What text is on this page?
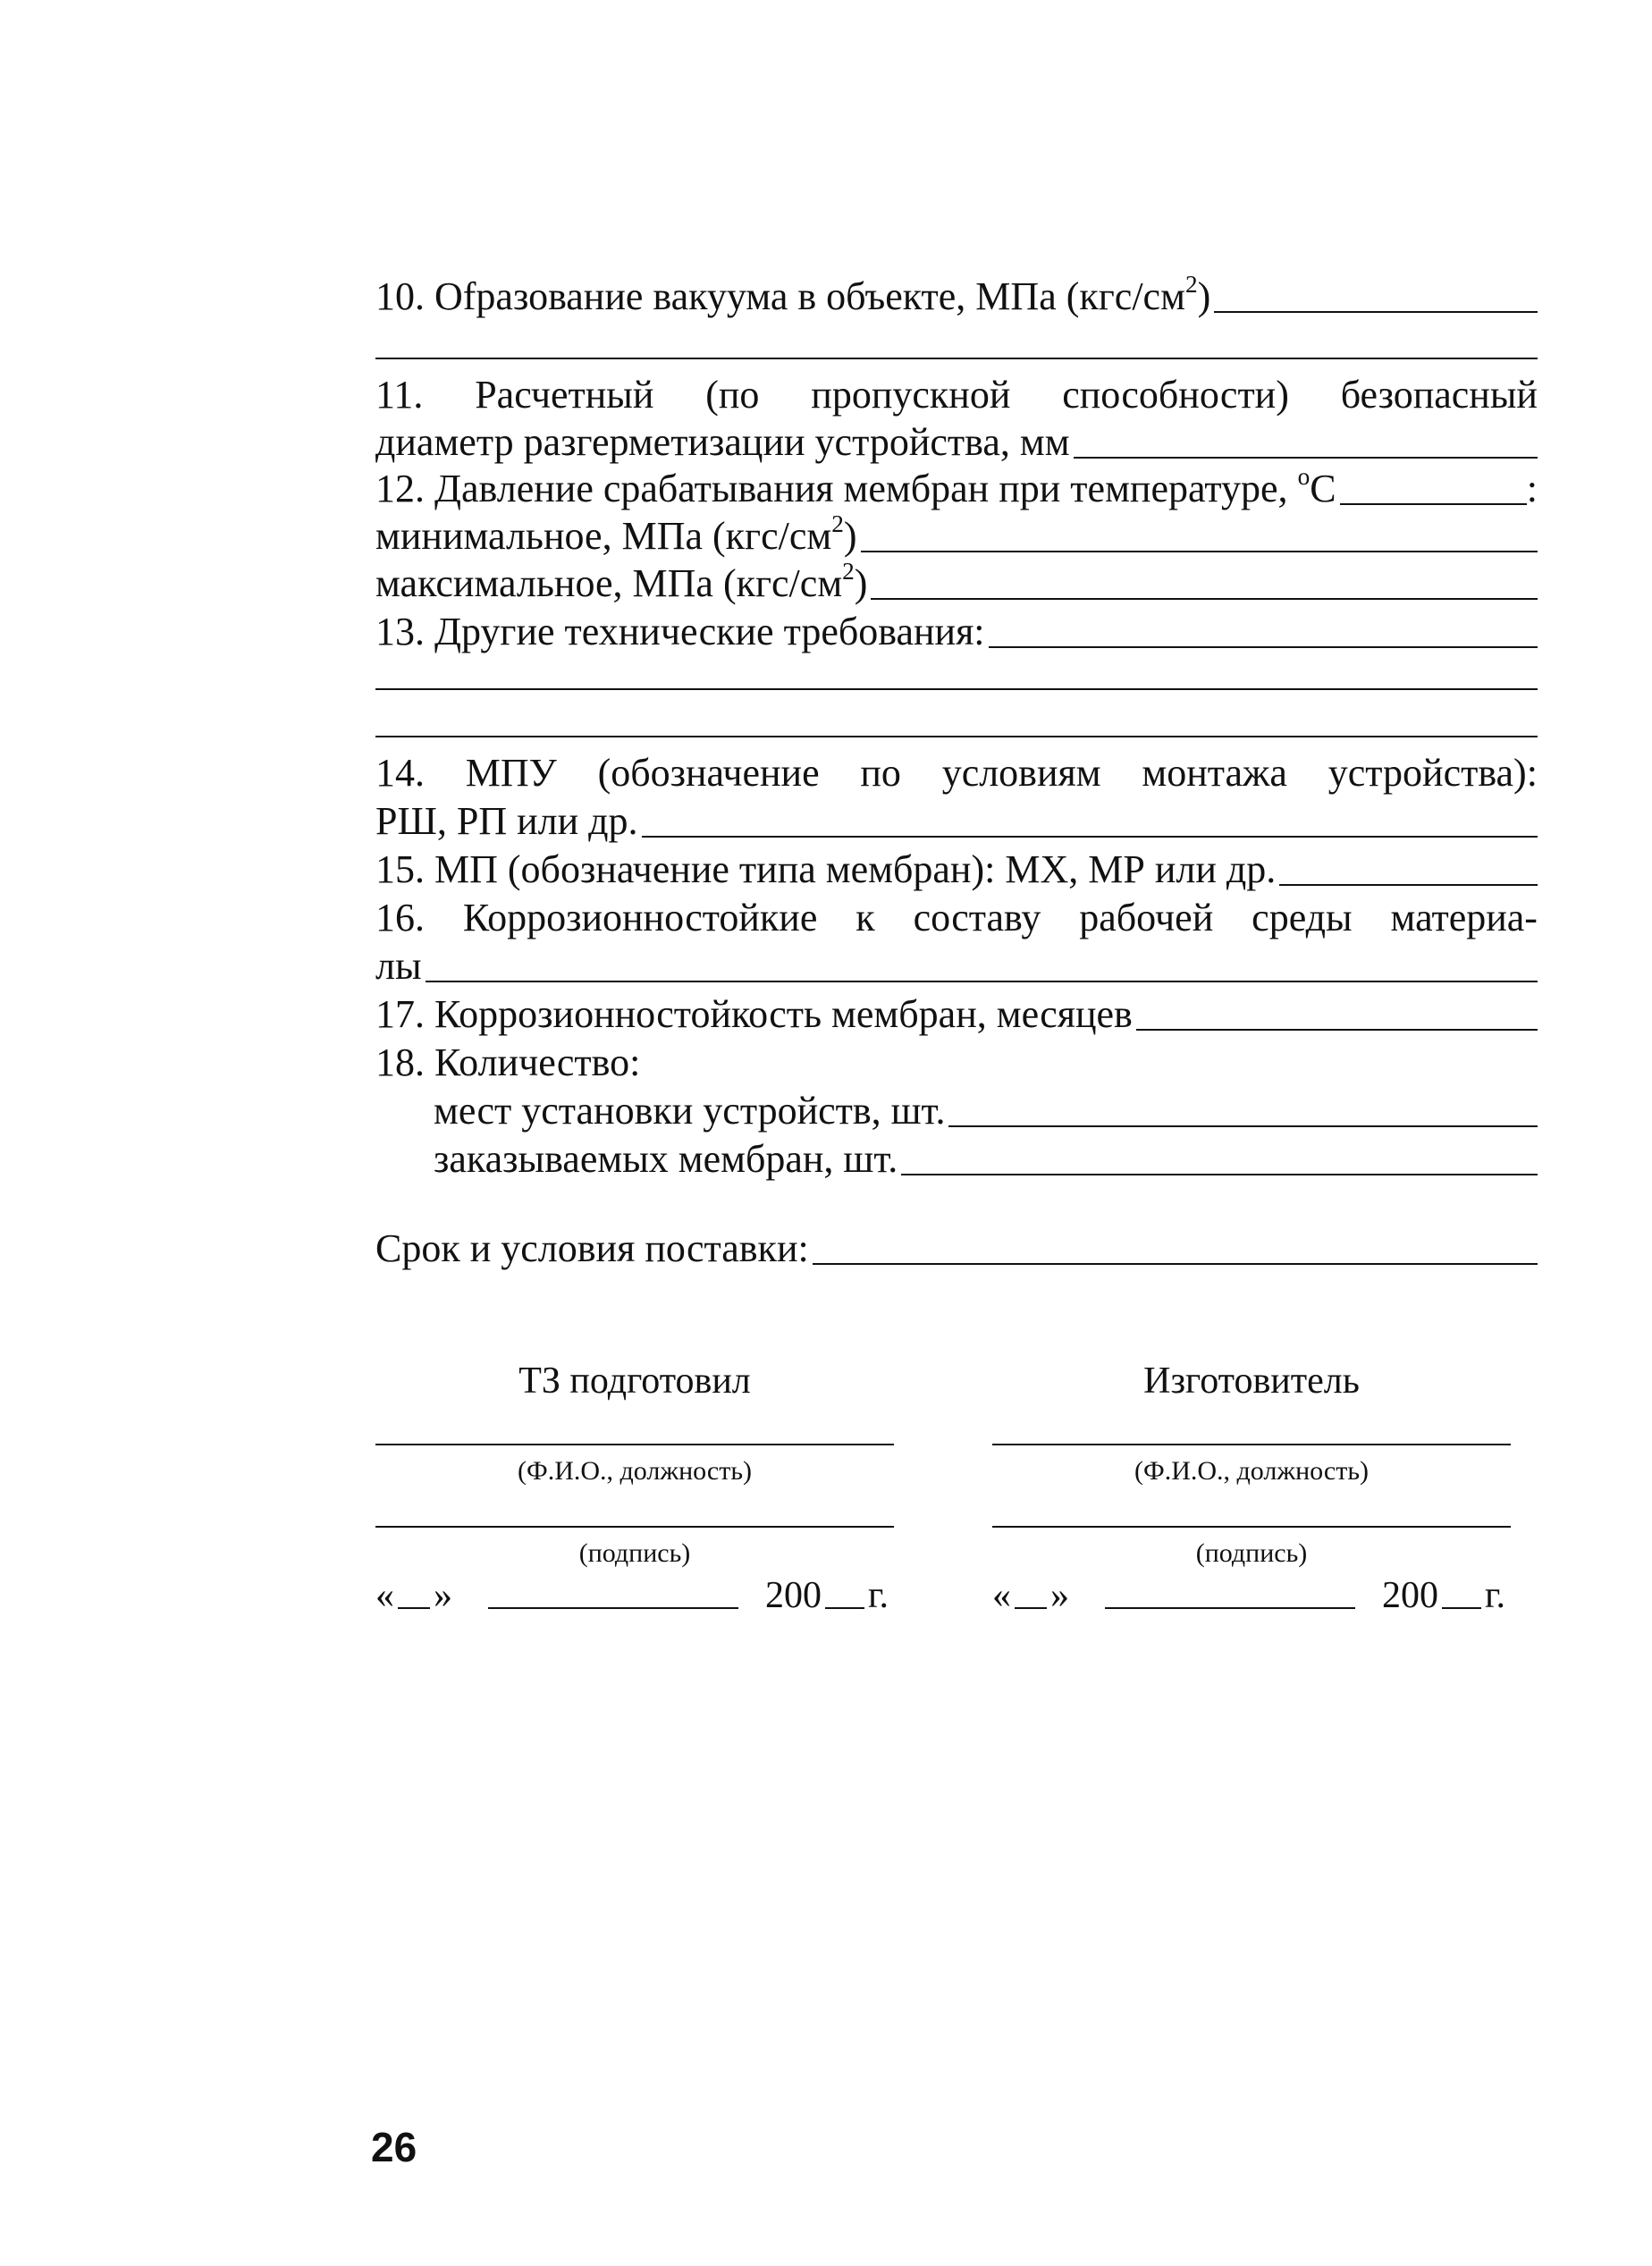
10. Ofразование вакуума в объекте, МПа $(кгс/см^2)$
11. Расчетный (по пропускной способности) безопасный
диаметр разгерметизации устройства, мм
12. Давление срабатывания мембран при температуре, $^о$С	:
минимальное, МПа $(кгс/см^2)$
максимальное, МПа $(кгс/см^2)$
13. Другие технические требования:
14. МПУ (обозначение по условиям монтажа устройства):
РШ, РП или др.
15. МП (обозначение типа мембран): МХ, МР или др.
16. Коррозионностойкие к составу рабочей среды материа-
лы
17. Коррозионностойкость мембран, месяцев
18. Количество:
мест установки устройств, шт.
заказываемых мембран, шт.
Срок и условия поставки:
ТЗ подготовил
(Ф.И.О., должность)
(подпись)
« »	200 г.
Изготовитель
(Ф.И.О., должность)
(подпись)
« »	200 г.
26
